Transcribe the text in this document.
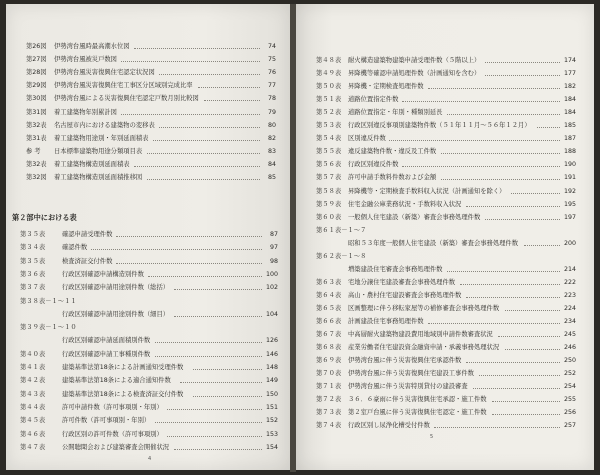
第26図 伊勢湾台風時最高潮水位図	74
第27図 伊勢湾台風被災戸数図	75
第28図 伊勢湾台風災害復興住宅認定状況図	76
第29図 伊勢湾台風災害復興住宅工事区分区域別完成比率	77
第30図 伊勢湾台風による災害復興住宅認定戸数月別比較図	78
第31図 着工建築物年別累計図	79
第32表 名古屋市内における建築物の変移表	80
第31表 着工建築物用途別・年別延面積表	82
参 考 日本標準建築物用途分類項目表	83
第32表 着工建築物構造別延面積表	84
第32図 着工建築物構造別延面積推移図	85
第２部中における表
第３５表	確認申請受理件数	87
第３４表	確認件数	97
第３５表	検査済証交付件数	98
第３６表	行政区別確認申請構造別件数	100
第３７表	行政区別確認申請用途別件数（総括）	102
第３８表－１～１１
行政区別確認申請用途別件数（細目）	104
第３９表－１～１０
行政区別確認申請延面積別件数	126
第４０表	行政区別確認申請工事種別件数	146
第４１表	建築基準法第18条による計画通知受理件数	148
第４２表	建築基準法第18条による適合通知件数	149
第４３表	建築基準法第18条による検査済証交付件数	150
第４４表	許可申請件数（許可事項別・年別）	151
第４５表	許可件数（許可事項別・年別）	152
第４６表	行政区別の許可件数（許可事項別）	153
第４７表	公開聴聞会および建築審査会開催状況	154
4
第４８表 耐火構造建築物建築申請受理件数（５階以上）	174
第４９表 昇降機等確認申請処理件数（計画通知を含む）	177
第５０表 昇降機・定期検査処理件数	182
第５１表 道路位置指定件数	184
第５２表 道路位置指定・年別・種類別延長	184
第５３表 行政区別違反事項別建築物件数（５１年１１月～５６年１２月）	185
第５４表 区別違反件数	187
第５５表 違反建築物件数・違反及工件数	188
第５６表 行政区別違反件数	190
第５７表 許可申請手数料件数および金額	191
第５８表 昇降機等・定期検査手数料収入状況（計画通知を除く）	192
第５９表 住宅金融公庫業務状況・手数料収入状況	195
第６０表 一般個人住宅建設（新築）審査会事務処理件数	197
第６１表－１～７
昭和５３年度一般個人住宅建設（新築）審査会事務処理件数	200
第６２表－１～８
増築建設住宅審査会事務処理件数	214
第６３表 宅地分譲住宅建設審査会事務処理件数	222
第６４表 高山・農村住宅建設審査会事務処理件数	223
第６５表 区画整理に伴う移転家屋等の補修審査会事務処理件数	224
第６６表 計画建設住宅事務処理件数	234
第６７表 中高層耐火建築物建設費用地域別申請件数審査状況	245
第６８表 産業労働者住宅建設資金融資申請・承義事務処理状況	246
第６９表 伊勢湾台風に伴う災害復興住宅承認件数	250
第７０表 伊勢湾台風に伴う災害復興住宅建設工事件数	252
第７１表 伊勢湾台風に伴う災害特別貸付の建設審査	254
第７２表 ３６．６豪雨に伴う災害復興住宅承認・施工件数	255
第７３表 第２室戸台風に伴う災害復興住宅認定・施工件数	256
第７４表 行政区別し尿浄化槽受付件数	257
5
